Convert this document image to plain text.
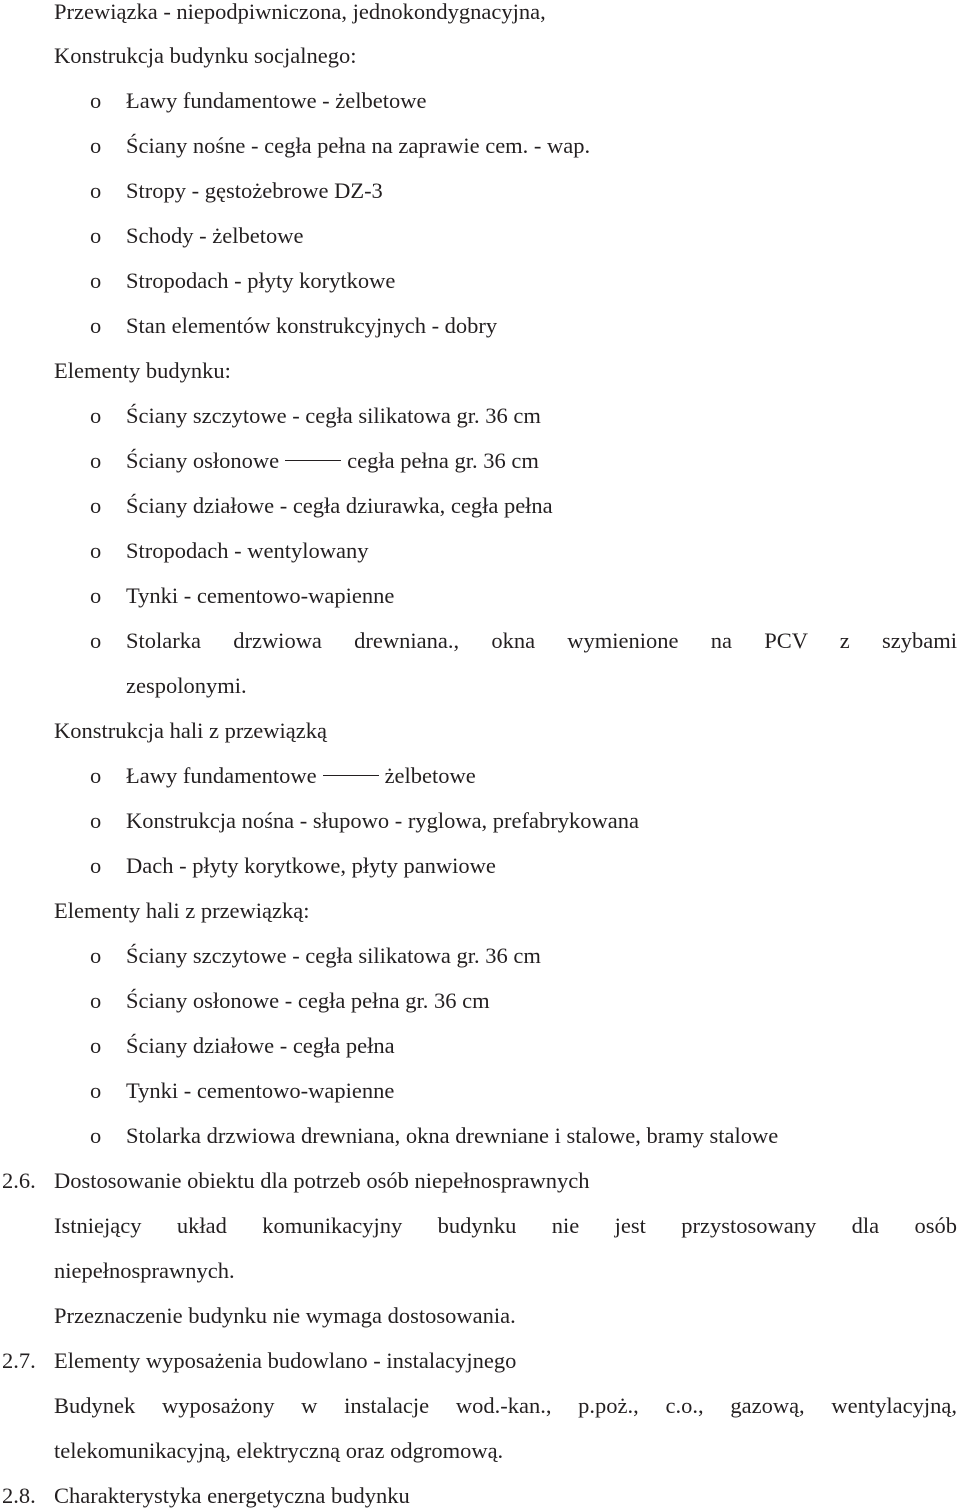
Przewiązka - niepodpiwniczona, jednokondygnacyjna,
Konstrukcja budynku socjalnego:
o Ławy fundamentowe - żelbetowe
o Ściany nośne - cegła pełna na zaprawie cem. - wap.
o Stropy - gęstożebrowe DZ-3
o Schody - żelbetowe
o Stropodach - płyty korytkowe
o Stan elementów konstrukcyjnych - dobry
Elementy budynku:
o Ściany szczytowe - cegła silikatowa gr. 36 cm
o Ściany osłonowe	cegła pełna gr. 36 cm
o Ściany działowe - cegła dziurawka, cegła pełna
o Stropodach - wentylowany
o Tynki - cementowo-wapienne
o Stolarka drzwiowa drewniana., okna wymienione na PCV z szybami
zespolonymi.
Konstrukcja hali z przewiązką
o Ławy fundamentowe	żelbetowe
o Konstrukcja nośna - słupowo - ryglowa, prefabrykowana
o Dach - płyty korytkowe, płyty panwiowe
Elementy hali z przewiązką:
o Ściany szczytowe - cegła silikatowa gr. 36 cm
o Ściany osłonowe - cegła pełna gr. 36 cm
o Ściany działowe - cegła pełna
o Tynki - cementowo-wapienne
o Stolarka drzwiowa drewniana, okna drewniane i stalowe, bramy stalowe
2.6. Dostosowanie obiektu dla potrzeb osób niepełnosprawnych
Istniejący układ komunikacyjny budynku nie jest przystosowany dla osób
niepełnosprawnych.
Przeznaczenie budynku nie wymaga dostosowania.
2.7. Elementy wyposażenia budowlano - instalacyjnego
Budynek wyposażony w instalacje wod.-kan., p.poż., c.o., gazową, wentylacyjną,
telekomunikacyjną, elektryczną oraz odgromową.
2.8. Charakterystyka energetyczna budynku
